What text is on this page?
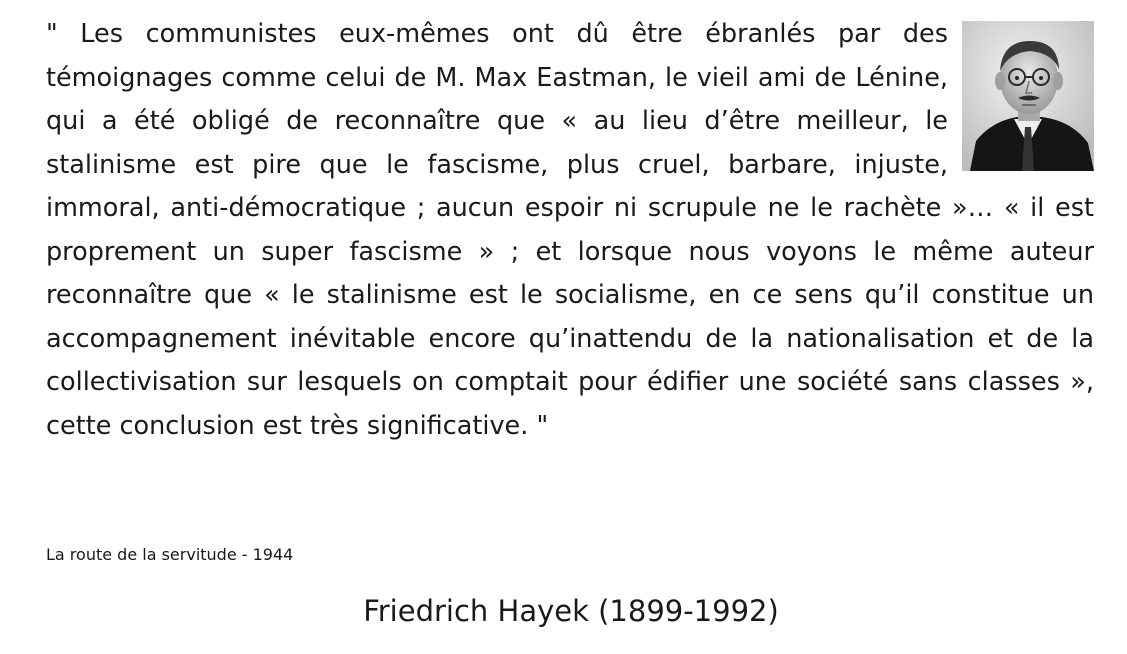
" Les communistes eux-mêmes ont dû être ébranlés par des témoignages comme celui de M. Max Eastman, le vieil ami de Lénine, qui a été obligé de reconnaître que « au lieu d’être meilleur, le stalinisme est pire que le fascisme, plus cruel, barbare, injuste, immoral, anti-démocratique ; aucun espoir ni scrupule ne le rachète »… « il est proprement un super fascisme » ; et lorsque nous voyons le même auteur reconnaître que « le stalinisme est le socialisme, en ce sens qu’il constitue un accompagnement inévitable encore qu’inattendu de la nationalisation et de la collectivisation sur lesquels on comptait pour édifier une société sans classes », cette conclusion est très significative. "

La route de la servitude - 1944

Friedrich Hayek (1899-1992)
